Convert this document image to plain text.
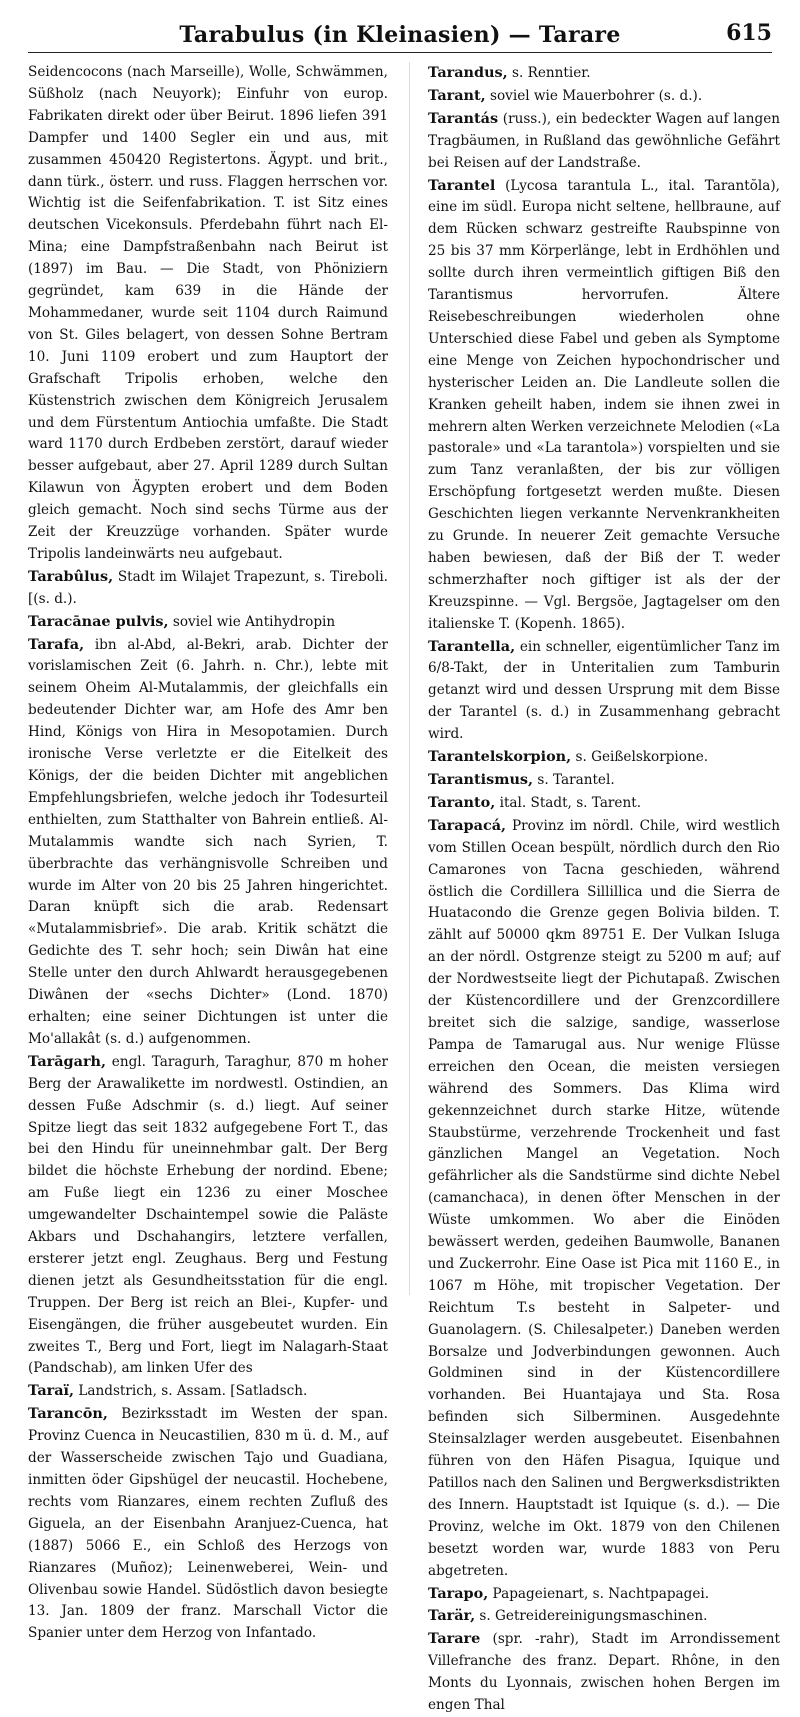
Tarabulus (in Kleinasien) — Tarare	615

Seidencocons (nach Marseille), Wolle, Schwämmen, Süßholz (nach Neuyork); Einfuhr von europ. Fabrikaten direkt oder über Beirut. 1896 liefen 391 Dampfer und 1400 Segler ein und aus, mit zusammen 450420 Registertons. Ägypt. und brit., dann türk., österr. und russ. Flaggen herrschen vor. Wichtig ist die Seifenfabrikation. T. ist Sitz eines deutschen Vicekonsuls. Pferdebahn führt nach El-Mina; eine Dampfstraßenbahn nach Beirut ist (1897) im Bau. — Die Stadt, von Phöniziern gegründet, kam 639 in die Hände der Mohammedaner, wurde seit 1104 durch Raimund von St. Giles belagert, von dessen Sohne Bertram 10. Juni 1109 erobert und zum Hauptort der Grafschaft Tripolis erhoben, welche den Küstenstrich zwischen dem Königreich Jerusalem und dem Fürstentum Antiochia umfaßte. Die Stadt ward 1170 durch Erdbeben zerstört, darauf wieder besser aufgebaut, aber 27. April 1289 durch Sultan Kilawun von Ägypten erobert und dem Boden gleich gemacht. Noch sind sechs Türme aus der Zeit der Kreuzzüge vorhanden. Später wurde Tripolis landeinwärts neu aufgebaut.

Tarabûlus, Stadt im Wilajet Trapezunt, s. Tireboli. [(s. d.).

Taracānae pulvis, soviel wie Antihydropin

Tarafa, ibn al-Abd, al-Bekri, arab. Dichter der vorislamischen Zeit (6. Jahrh. n. Chr.), lebte mit seinem Oheim Al-Mutalammis, der gleichfalls ein bedeutender Dichter war, am Hofe des Amr ben Hind, Königs von Hira in Mesopotamien. Durch ironische Verse verletzte er die Eitelkeit des Königs, der die beiden Dichter mit angeblichen Empfehlungsbriefen, welche jedoch ihr Todesurteil enthielten, zum Statthalter von Bahrein entließ. Al-Mutalammis wandte sich nach Syrien, T. überbrachte das verhängnisvolle Schreiben und wurde im Alter von 20 bis 25 Jahren hingerichtet. Daran knüpft sich die arab. Redensart «Mutalammisbrief». Die arab. Kritik schätzt die Gedichte des T. sehr hoch; sein Diwân hat eine Stelle unter den durch Ahlwardt herausgegebenen Diwânen der «sechs Dichter» (Lond. 1870) erhalten; eine seiner Dichtungen ist unter die Mo'allakât (s. d.) aufgenommen.

Tarāgarh, engl. Taragurh, Taraghur, 870 m hoher Berg der Arawalikette im nordwestl. Ostindien, an dessen Fuße Adschmir (s. d.) liegt. Auf seiner Spitze liegt das seit 1832 aufgegebene Fort T., das bei den Hindu für uneinnehmbar galt. Der Berg bildet die höchste Erhebung der nordind. Ebene; am Fuße liegt ein 1236 zu einer Moschee umgewandelter Dschaintempel sowie die Paläste Akbars und Dschahangirs, letztere verfallen, ersterer jetzt engl. Zeughaus. Berg und Festung dienen jetzt als Gesundheitsstation für die engl. Truppen. Der Berg ist reich an Blei-, Kupfer- und Eisengängen, die früher ausgebeutet wurden. Ein zweites T., Berg und Fort, liegt im Nalagarh-Staat (Pandschab), am linken Ufer des

Taraï, Landstrich, s. Assam. [Satladsch.

Tarancōn, Bezirksstadt im Westen der span. Provinz Cuenca in Neucastilien, 830 m ü. d. M., auf der Wasserscheide zwischen Tajo und Guadiana, inmitten öder Gipshügel der neucastil. Hochebene, rechts vom Rianzares, einem rechten Zufluß des Giguela, an der Eisenbahn Aranjuez-Cuenca, hat (1887) 5066 E., ein Schloß des Herzogs von Rianzares (Muñoz); Leinenweberei, Wein- und Olivenbau sowie Handel. Südöstlich davon besiegte 13. Jan. 1809 der franz. Marschall Victor die Spanier unter dem Herzog von Infantado.

Tarandus, s. Renntier.

Tarant, soviel wie Mauerbohrer (s. d.).

Tarantás (russ.), ein bedeckter Wagen auf langen Tragbäumen, in Rußland das gewöhnliche Gefährt bei Reisen auf der Landstraße.

Tarantel (Lycosa tarantula L., ital. Tarantŏla), eine im südl. Europa nicht seltene, hellbraune, auf dem Rücken schwarz gestreifte Raubspinne von 25 bis 37 mm Körperlänge, lebt in Erdhöhlen und sollte durch ihren vermeintlich giftigen Biß den Tarantismus hervorrufen. Ältere Reisebeschreibungen wiederholen ohne Unterschied diese Fabel und geben als Symptome eine Menge von Zeichen hypochondrischer und hysterischer Leiden an. Die Landleute sollen die Kranken geheilt haben, indem sie ihnen zwei in mehrern alten Werken verzeichnete Melodien («La pastorale» und «La tarantola») vorspielten und sie zum Tanz veranlaßten, der bis zur völligen Erschöpfung fortgesetzt werden mußte. Diesen Geschichten liegen verkannte Nervenkrankheiten zu Grunde. In neuerer Zeit gemachte Versuche haben bewiesen, daß der Biß der T. weder schmerzhafter noch giftiger ist als der der Kreuzspinne. — Vgl. Bergsöe, Jagtagelser om den italienske T. (Kopenh. 1865).

Tarantella, ein schneller, eigentümlicher Tanz im 6/8-Takt, der in Unteritalien zum Tamburin getanzt wird und dessen Ursprung mit dem Bisse der Tarantel (s. d.) in Zusammenhang gebracht wird.

Tarantelskorpion, s. Geißelskorpione.

Tarantismus, s. Tarantel.

Taranto, ital. Stadt, s. Tarent.

Tarapacá, Provinz im nördl. Chile, wird westlich vom Stillen Ocean bespült, nördlich durch den Rio Camarones von Tacna geschieden, während östlich die Cordillera Sillillica und die Sierra de Huatacondo die Grenze gegen Bolivia bilden. T. zählt auf 50000 qkm 89751 E. Der Vulkan Isluga an der nördl. Ostgrenze steigt zu 5200 m auf; auf der Nordwestseite liegt der Pichutapaß. Zwischen der Küstencordillere und der Grenzcordillere breitet sich die salzige, sandige, wasserlose Pampa de Tamarugal aus. Nur wenige Flüsse erreichen den Ocean, die meisten versiegen während des Sommers. Das Klima wird gekennzeichnet durch starke Hitze, wütende Staubstürme, verzehrende Trockenheit und fast gänzlichen Mangel an Vegetation. Noch gefährlicher als die Sandstürme sind dichte Nebel (camanchaca), in denen öfter Menschen in der Wüste umkommen. Wo aber die Einöden bewässert werden, gedeihen Baumwolle, Bananen und Zuckerrohr. Eine Oase ist Pica mit 1160 E., in 1067 m Höhe, mit tropischer Vegetation. Der Reichtum T.s besteht in Salpeter- und Guanolagern. (S. Chilesalpeter.) Daneben werden Borsalze und Jodverbindungen gewonnen. Auch Goldminen sind in der Küstencordillere vorhanden. Bei Huantajaya und Sta. Rosa befinden sich Silberminen. Ausgedehnte Steinsalzlager werden ausgebeutet. Eisenbahnen führen von den Häfen Pisagua, Iquique und Patillos nach den Salinen und Bergwerksdistrikten des Innern. Hauptstadt ist Iquique (s. d.). — Die Provinz, welche im Okt. 1879 von den Chilenen besetzt worden war, wurde 1883 von Peru abgetreten.

Tarapo, Papageienart, s. Nachtpapagei.

Tarär, s. Getreidereinigungsmaschinen.

Tarare (spr. -rahr), Stadt im Arrondissement Villefranche des franz. Depart. Rhône, in den Monts du Lyonnais, zwischen hohen Bergen im engen Thal
